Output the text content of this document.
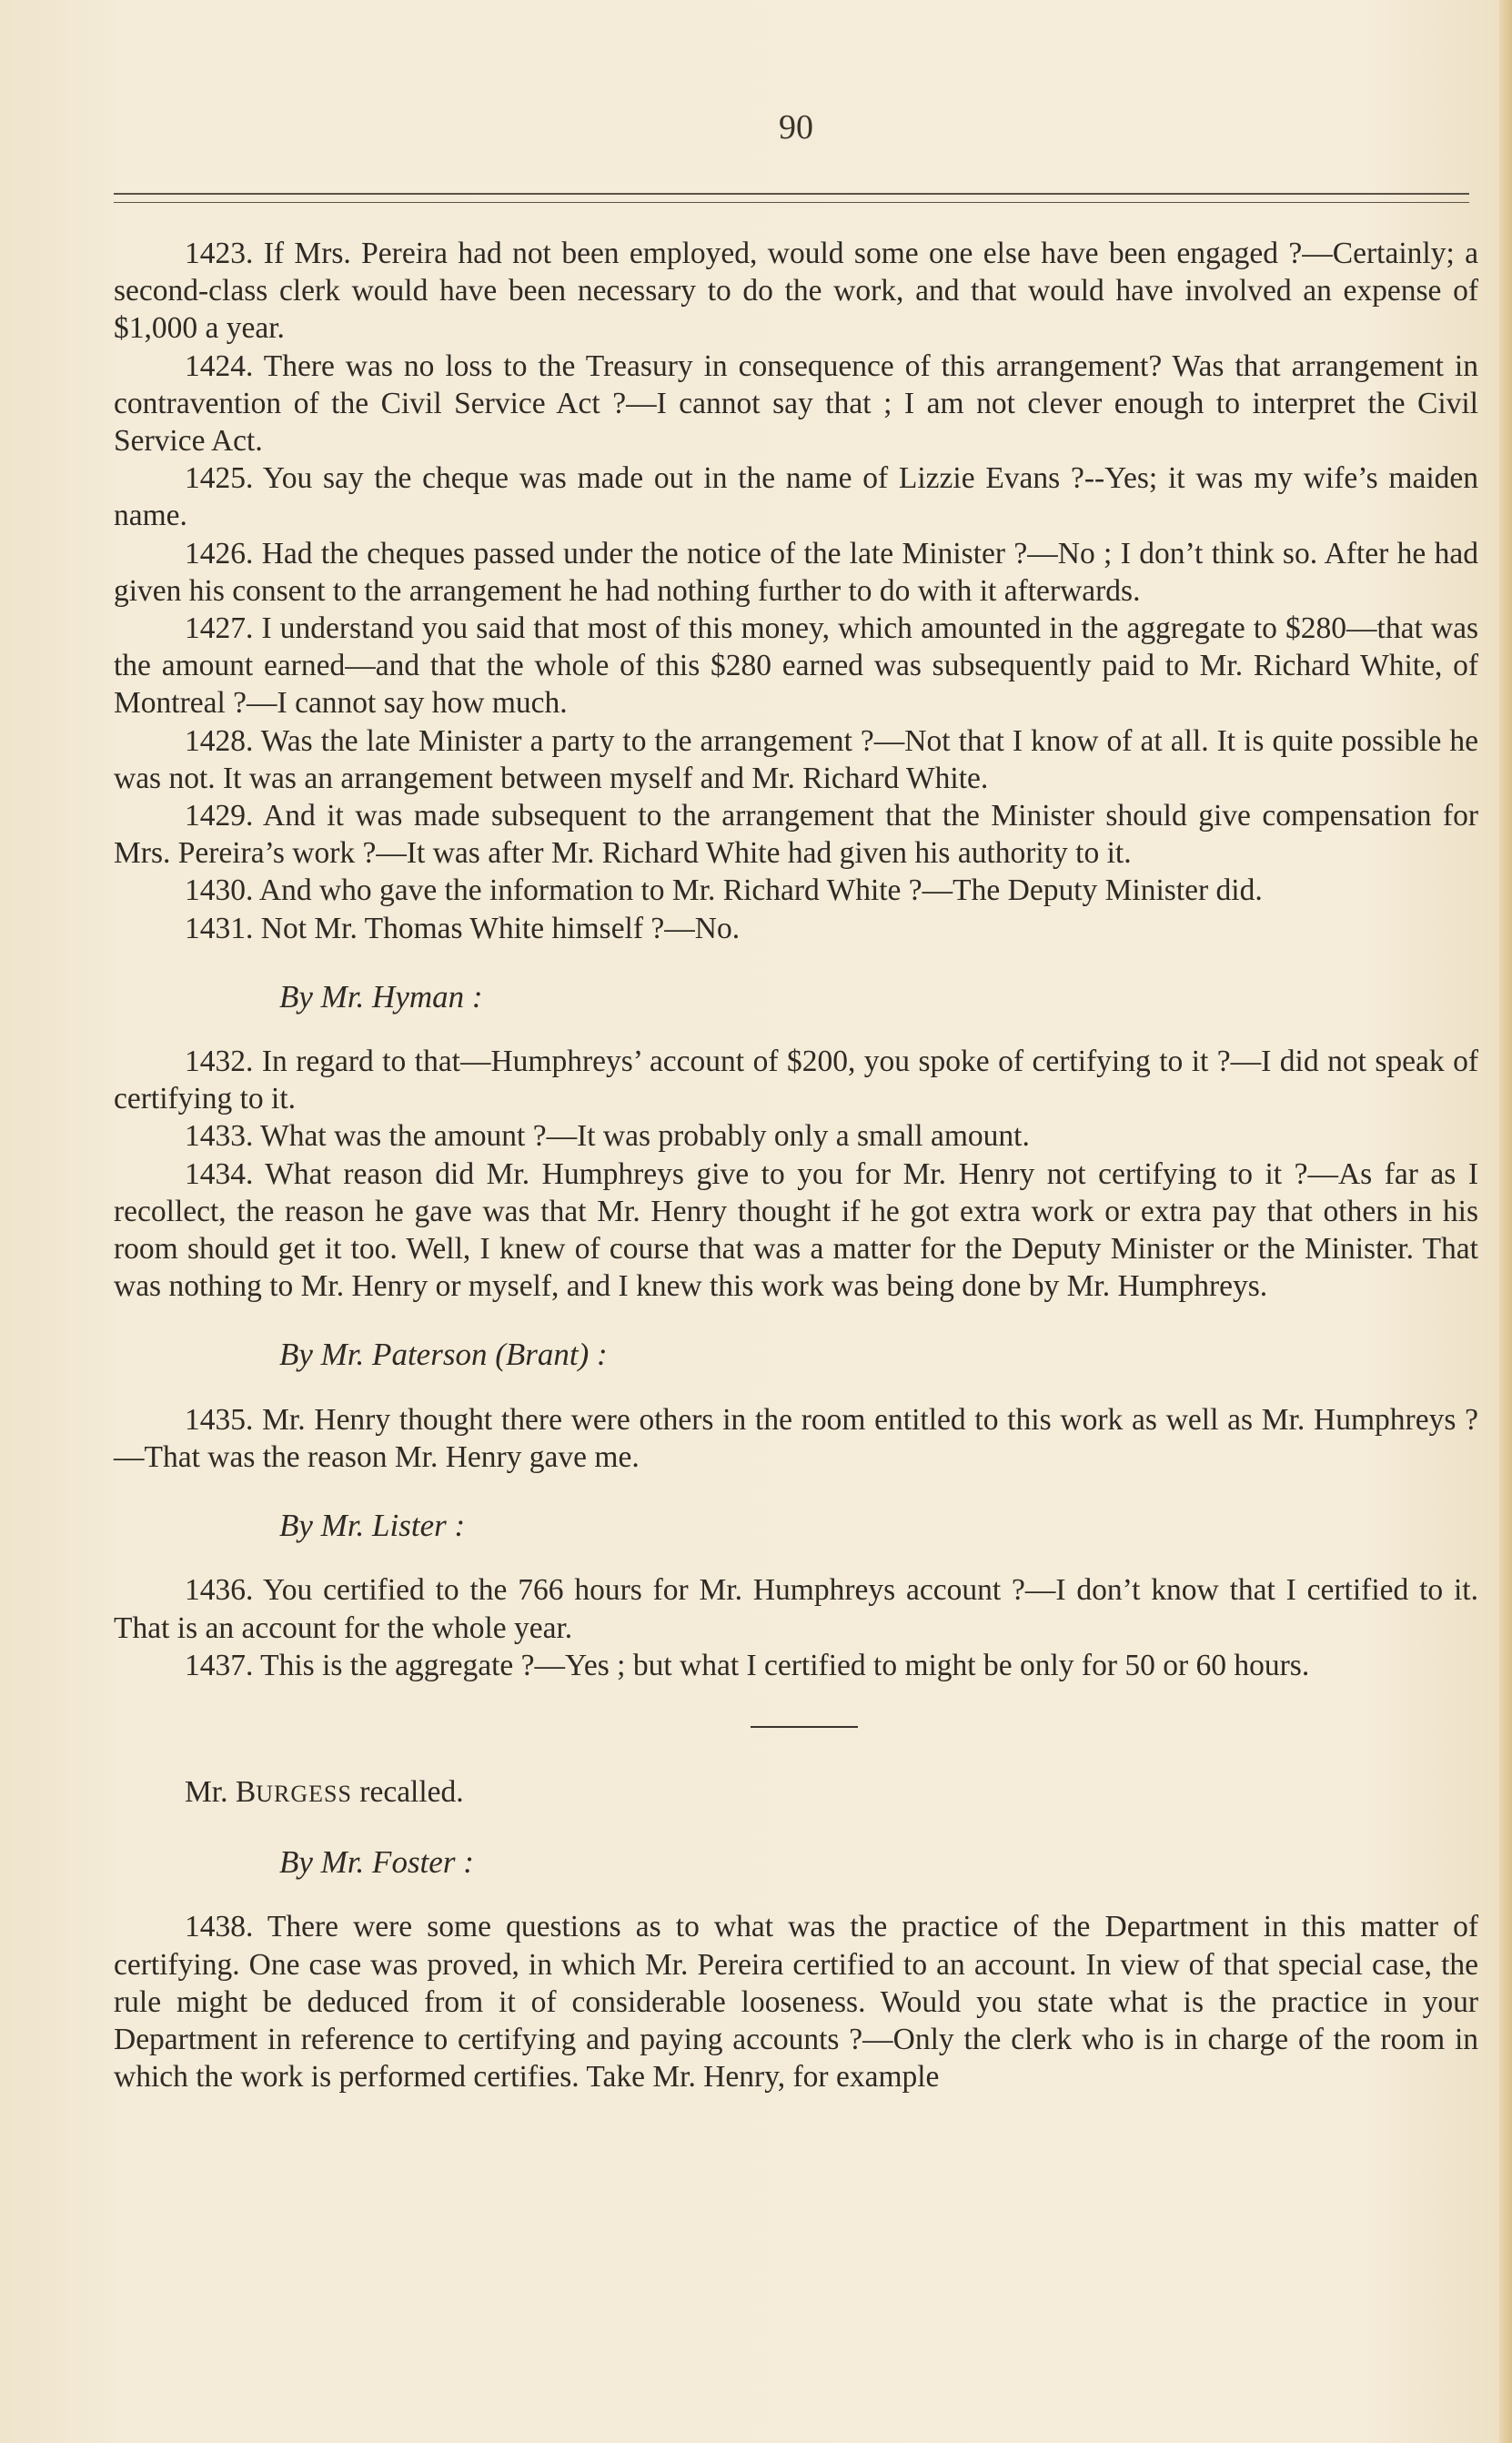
90

1423. If Mrs. Pereira had not been employed, would some one else have been engaged ?—Certainly; a second-class clerk would have been necessary to do the work, and that would have involved an expense of $1,000 a year.

1424. There was no loss to the Treasury in consequence of this arrangement? Was that arrangement in contravention of the Civil Service Act ?—I cannot say that ; I am not clever enough to interpret the Civil Service Act.

1425. You say the cheque was made out in the name of Lizzie Evans ?--Yes; it was my wife’s maiden name.

1426. Had the cheques passed under the notice of the late Minister ?—No ; I don’t think so. After he had given his consent to the arrangement he had nothing further to do with it afterwards.

1427. I understand you said that most of this money, which amounted in the aggregate to $280—that was the amount earned—and that the whole of this $280 earned was subsequently paid to Mr. Richard White, of Montreal ?—I cannot say how much.

1428. Was the late Minister a party to the arrangement ?—Not that I know of at all. It is quite possible he was not. It was an arrangement between myself and Mr. Richard White.

1429. And it was made subsequent to the arrangement that the Minister should give compensation for Mrs. Pereira’s work ?—It was after Mr. Richard White had given his authority to it.

1430. And who gave the information to Mr. Richard White ?—The Deputy Minister did.

1431. Not Mr. Thomas White himself ?—No.

By Mr. Hyman :

1432. In regard to that—Humphreys’ account of $200, you spoke of certifying to it ?—I did not speak of certifying to it.

1433. What was the amount ?—It was probably only a small amount.

1434. What reason did Mr. Humphreys give to you for Mr. Henry not certifying to it ?—As far as I recollect, the reason he gave was that Mr. Henry thought if he got extra work or extra pay that others in his room should get it too. Well, I knew of course that was a matter for the Deputy Minister or the Minister. That was nothing to Mr. Henry or myself, and I knew this work was being done by Mr. Humphreys.

By Mr. Paterson (Brant) :

1435. Mr. Henry thought there were others in the room entitled to this work as well as Mr. Humphreys ?—That was the reason Mr. Henry gave me.

By Mr. Lister :

1436. You certified to the 766 hours for Mr. Humphreys account ?—I don’t know that I certified to it. That is an account for the whole year.

1437. This is the aggregate ?—Yes ; but what I certified to might be only for 50 or 60 hours.

Mr. BURGESS recalled.

By Mr. Foster :

1438. There were some questions as to what was the practice of the Department in this matter of certifying. One case was proved, in which Mr. Pereira certified to an account. In view of that special case, the rule might be deduced from it of considerable looseness. Would you state what is the practice in your Department in reference to certifying and paying accounts ?—Only the clerk who is in charge of the room in which the work is performed certifies. Take Mr. Henry, for example
